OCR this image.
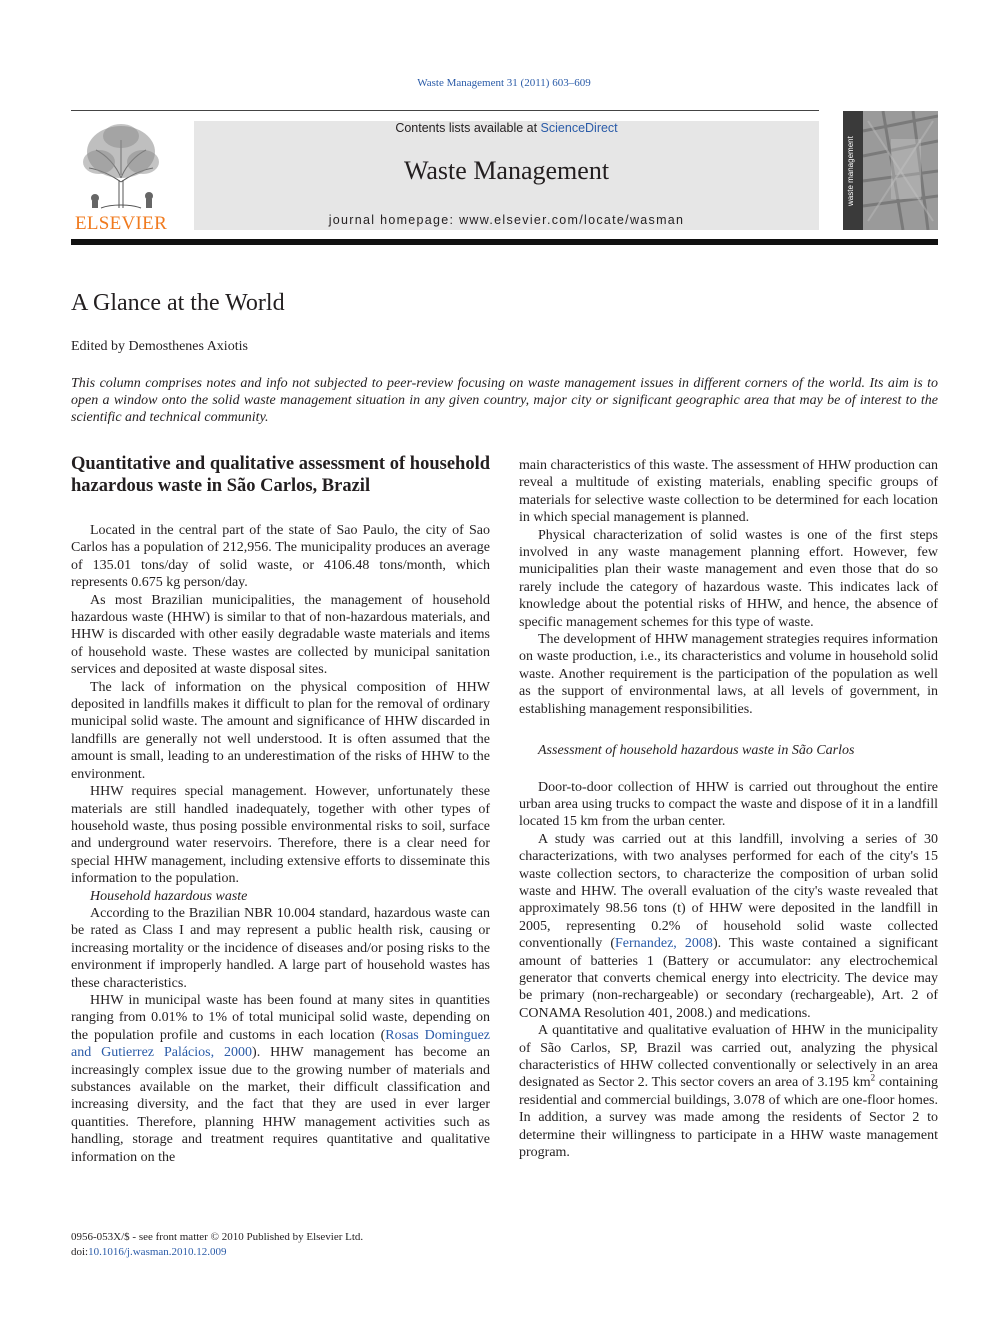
Waste Management 31 (2011) 603–609
ELSEVIER
Contents lists available at ScienceDirect
Waste Management
journal homepage: www.elsevier.com/locate/wasman
waste management
A Glance at the World
Edited by Demosthenes Axiotis
This column comprises notes and info not subjected to peer-review focusing on waste management issues in different corners of the world. Its aim is to open a window onto the solid waste management situation in any given country, major city or significant geographic area that may be of interest to the scientific and technical community.
Quantitative and qualitative assessment of household hazardous waste in São Carlos, Brazil

Located in the central part of the state of Sao Paulo, the city of Sao Carlos has a population of 212,956. The municipality produces an average of 135.01 tons/day of solid waste, or 4106.48 tons/month, which represents 0.675 kg person/day.

As most Brazilian municipalities, the management of household hazardous waste (HHW) is similar to that of non-hazardous materials, and HHW is discarded with other easily degradable waste materials and items of household waste. These wastes are collected by municipal sanitation services and deposited at waste disposal sites.

The lack of information on the physical composition of HHW deposited in landfills makes it difficult to plan for the removal of ordinary municipal solid waste. The amount and significance of HHW discarded in landfills are generally not well understood. It is often assumed that the amount is small, leading to an underestimation of the risks of HHW to the environment.

HHW requires special management. However, unfortunately these materials are still handled inadequately, together with other types of household waste, thus posing possible environmental risks to soil, surface and underground water reservoirs. Therefore, there is a clear need for special HHW management, including extensive efforts to disseminate this information to the population.

Household hazardous waste

According to the Brazilian NBR 10.004 standard, hazardous waste can be rated as Class I and may represent a public health risk, causing or increasing mortality or the incidence of diseases and/or posing risks to the environment if improperly handled. A large part of household wastes has these characteristics.

HHW in municipal waste has been found at many sites in quantities ranging from 0.01% to 1% of total municipal solid waste, depending on the population profile and customs in each location (Rosas Dominguez and Gutierrez Palácios, 2000). HHW management has become an increasingly complex issue due to the growing number of materials and substances available on the market, their difficult classification and increasing diversity, and the fact that they are used in ever larger quantities. Therefore, planning HHW management activities such as handling, storage and treatment requires quantitative and qualitative information on the

main characteristics of this waste. The assessment of HHW production can reveal a multitude of existing materials, enabling specific groups of materials for selective waste collection to be determined for each location in which special management is planned.

Physical characterization of solid wastes is one of the first steps involved in any waste management planning effort. However, few municipalities plan their waste management and even those that do so rarely include the category of hazardous waste. This indicates lack of knowledge about the potential risks of HHW, and hence, the absence of specific management schemes for this type of waste.

The development of HHW management strategies requires information on waste production, i.e., its characteristics and volume in household solid waste. Another requirement is the participation of the population as well as the support of environmental laws, at all levels of government, in establishing management responsibilities.

Assessment of household hazardous waste in São Carlos

Door-to-door collection of HHW is carried out throughout the entire urban area using trucks to compact the waste and dispose of it in a landfill located 15 km from the urban center.

A study was carried out at this landfill, involving a series of 30 characterizations, with two analyses performed for each of the city's 15 waste collection sectors, to characterize the composition of urban solid waste and HHW. The overall evaluation of the city's waste revealed that approximately 98.56 tons (t) of HHW were deposited in the landfill in 2005, representing 0.2% of household solid waste collected conventionally (Fernandez, 2008). This waste contained a significant amount of batteries 1 (Battery or accumulator: any electrochemical generator that converts chemical energy into electricity. The device may be primary (non-rechargeable) or secondary (rechargeable), Art. 2 of CONAMA Resolution 401, 2008.) and medications.

A quantitative and qualitative evaluation of HHW in the municipality of São Carlos, SP, Brazil was carried out, analyzing the physical characteristics of HHW collected conventionally or selectively in an area designated as Sector 2. This sector covers an area of 3.195 $km^2$ containing residential and commercial buildings, 3.078 of which are one-floor homes. In addition, a survey was made among the residents of Sector 2 to determine their willingness to participate in a HHW waste management program.

0956-053X/$ - see front matter © 2010 Published by Elsevier Ltd.
doi:10.1016/j.wasman.2010.12.009
